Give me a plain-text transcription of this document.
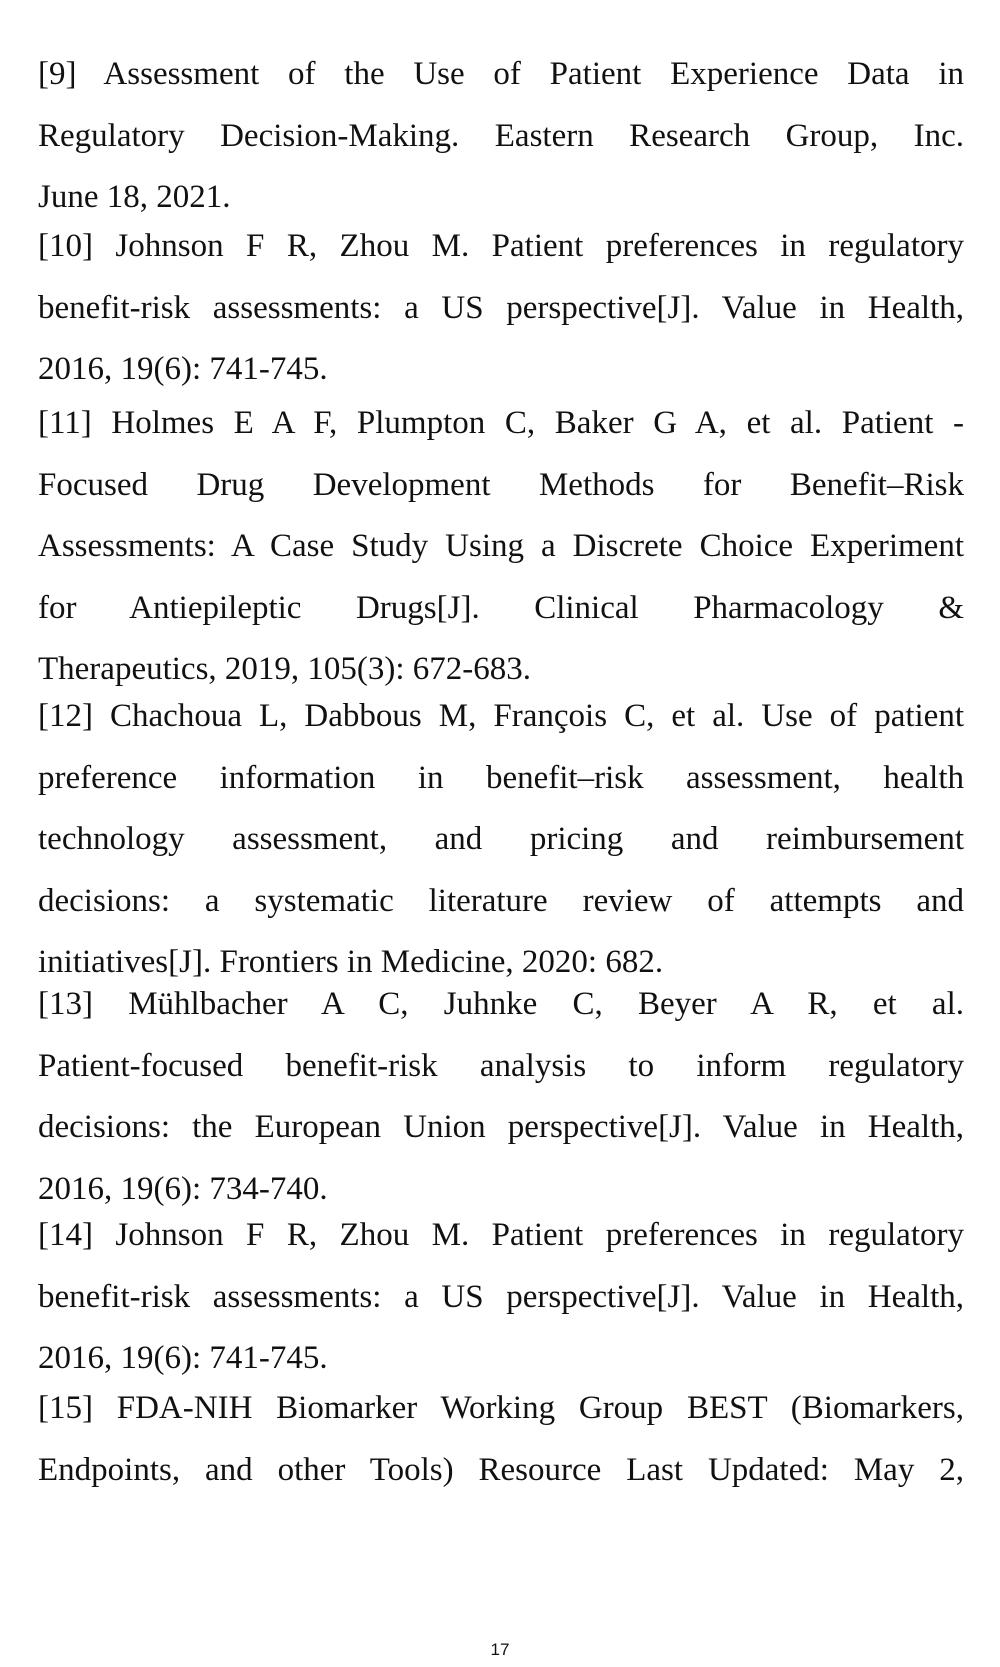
[9] Assessment of the Use of Patient Experience Data in
Regulatory Decision-Making. Eastern Research Group, Inc.
June 18, 2021.
[10] Johnson F R, Zhou M. Patient preferences in regulatory
benefit-risk assessments: a US perspective[J]. Value in Health,
2016, 19(6): 741-745.
[11] Holmes E A F, Plumpton C, Baker G A, et al. Patient -
Focused Drug Development Methods for Benefit–Risk
Assessments: A Case Study Using a Discrete Choice Experiment
for Antiepileptic Drugs[J]. Clinical Pharmacology &
Therapeutics, 2019, 105(3): 672-683.
[12] Chachoua L, Dabbous M, François C, et al. Use of patient
preference information in benefit–risk assessment, health
technology assessment, and pricing and reimbursement
decisions: a systematic literature review of attempts and
initiatives[J]. Frontiers in Medicine, 2020: 682.
[13] Mühlbacher A C, Juhnke C, Beyer A R, et al.
Patient-focused benefit-risk analysis to inform regulatory
decisions: the European Union perspective[J]. Value in Health,
2016, 19(6): 734-740.
[14] Johnson F R, Zhou M. Patient preferences in regulatory
benefit-risk assessments: a US perspective[J]. Value in Health,
2016, 19(6): 741-745.
[15] FDA-NIH Biomarker Working Group BEST (Biomarkers,
Endpoints, and other Tools) Resource Last Updated: May 2,
17
